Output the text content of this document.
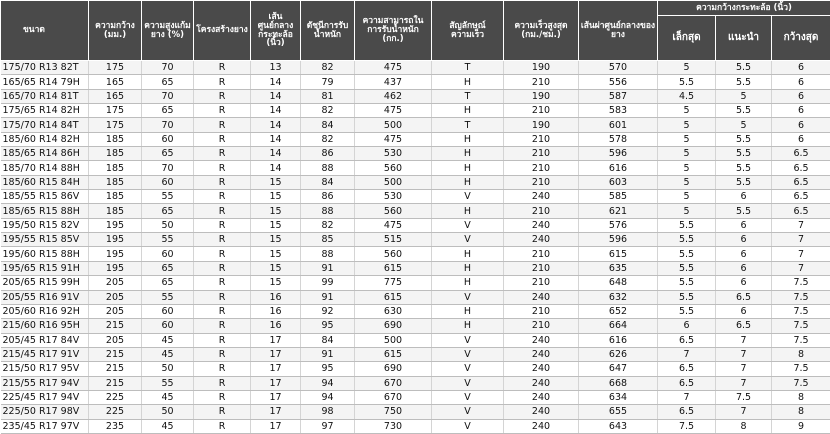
ขนาด	ความกว้าง (มม.)	ความสูงแก้มยาง (%)	โครงสร้างยาง	เส้นศูนย์กลางกระทะล้อ (นิ้ว)	ดัชนีการรับน้ำหนัก	ความสามารถในการรับน้ำหนัก (กก.)	สัญลักษณ์ความเร็ว	ความเร็วสูงสุด (กม./ชม.)	เส้นผ่าศูนย์กลางของยาง	ความกว้างกระทะล้อ (นิ้ว)		
										เล็กสุด	แนะนำ	กว้างสุด
175/70 R13 82T	175	70	R	13	82	475	T	190	570	5	5.5	6
165/65 R14 79H	165	65	R	14	79	437	H	210	556	5.5	5.5	6
165/70 R14 81T	165	70	R	14	81	462	T	190	587	4.5	5	6
175/65 R14 82H	175	65	R	14	82	475	H	210	583	5	5.5	6
175/70 R14 84T	175	70	R	14	84	500	T	190	601	5	5	6
185/60 R14 82H	185	60	R	14	82	475	H	210	578	5	5.5	6
185/65 R14 86H	185	65	R	14	86	530	H	210	596	5	5.5	6.5
185/70 R14 88H	185	70	R	14	88	560	H	210	616	5	5.5	6.5
185/60 R15 84H	185	60	R	15	84	500	H	210	603	5	5.5	6.5
185/55 R15 86V	185	55	R	15	86	530	V	240	585	5	6	6.5
185/65 R15 88H	185	65	R	15	88	560	H	210	621	5	5.5	6.5
195/50 R15 82V	195	50	R	15	82	475	V	240	576	5.5	6	7
195/55 R15 85V	195	55	R	15	85	515	V	240	596	5.5	6	7
195/60 R15 88H	195	60	R	15	88	560	H	210	615	5.5	6	7
195/65 R15 91H	195	65	R	15	91	615	H	210	635	5.5	6	7
205/65 R15 99H	205	65	R	15	99	775	H	210	648	5.5	6	7.5
205/55 R16 91V	205	55	R	16	91	615	V	240	632	5.5	6.5	7.5
205/60 R16 92H	205	60	R	16	92	630	H	210	652	5.5	6	7.5
215/60 R16 95H	215	60	R	16	95	690	H	210	664	6	6.5	7.5
205/45 R17 84V	205	45	R	17	84	500	V	240	616	6.5	7	7.5
215/45 R17 91V	215	45	R	17	91	615	V	240	626	7	7	8
215/50 R17 95V	215	50	R	17	95	690	V	240	647	6.5	7	7.5
215/55 R17 94V	215	55	R	17	94	670	V	240	668	6.5	7	7.5
225/45 R17 94V	225	45	R	17	94	670	V	240	634	7	7.5	8
225/50 R17 98V	225	50	R	17	98	750	V	240	655	6.5	7	8
235/45 R17 97V	235	45	R	17	97	730	V	240	643	7.5	8	9
